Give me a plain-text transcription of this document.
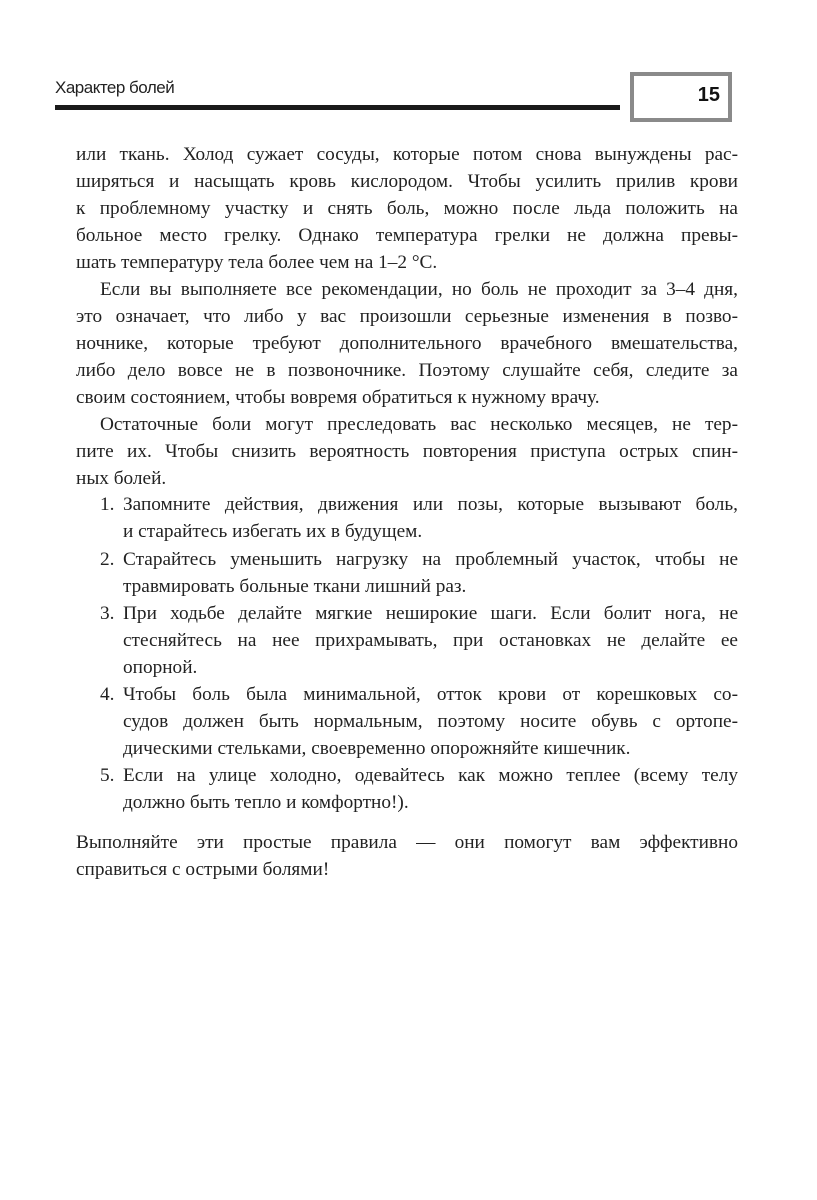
Характер болей	15
или ткань. Холод сужает сосуды, которые потом снова вынуждены рас-
ширяться и насыщать кровь кислородом. Чтобы усилить прилив крови
к проблемному участку и снять боль, можно после льда положить на
больное место грелку. Однако температура грелки не должна превы-
шать температуру тела более чем на 1–2 °С.
Если вы выполняете все рекомендации, но боль не проходит за 3–4 дня,
это означает, что либо у вас произошли серьезные изменения в позво-
ночнике, которые требуют дополнительного врачебного вмешательства,
либо дело вовсе не в позвоночнике. Поэтому слушайте себя, следите за
своим состоянием, чтобы вовремя обратиться к нужному врачу.
Остаточные боли могут преследовать вас несколько месяцев, не тер-
пите их. Чтобы снизить вероятность повторения приступа острых спин-
ных болей.
1. Запомните действия, движения или позы, которые вызывают боль,
и старайтесь избегать их в будущем.
2. Старайтесь уменьшить нагрузку на проблемный участок, чтобы не
травмировать больные ткани лишний раз.
3. При ходьбе делайте мягкие неширокие шаги. Если болит нога, не
стесняйтесь на нее прихрамывать, при остановках не делайте ее
опорной.
4. Чтобы боль была минимальной, отток крови от корешковых со-
судов должен быть нормальным, поэтому носите обувь с ортопе-
дическими стельками, своевременно опорожняйте кишечник.
5. Если на улице холодно, одевайтесь как можно теплее (всему телу
должно быть тепло и комфортно!).
Выполняйте эти простые правила — они помогут вам эффективно
справиться с острыми болями!
